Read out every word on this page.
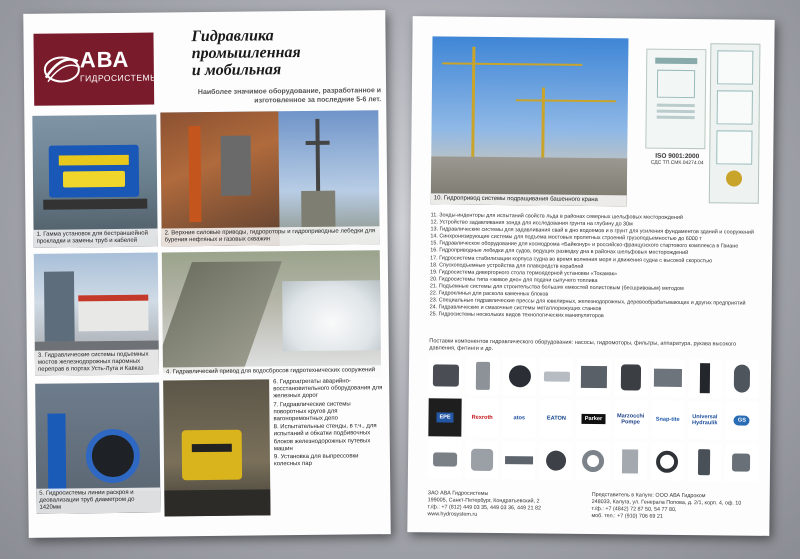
АВА
ГИДРОСИСТЕМЫ
Гидравлика
промышленная
и мобильная
Наиболее значимое оборудование, разработанное и изготовленное за последние 5-6 лет.
1. Гамма установок для бестраншейной прокладки и замены труб и кабелей
2. Верхние силовые приводы, гидророторы и гидроприводные лебедки для бурения нефтяных и газовых скважин
3. Гидравлические системы подъемных мостов железнодорожных паромных переправ в портах Усть-Луга и Кавказ	4. Гидравлический привод для водосбросов гидротехнических сооружений
5. Гидросистемы линии раскроя и деовализации труб диаметром до 1420мм
6. Гидроагрегаты аварийно-восстановительного оборудования для железных дорог
7. Гидравлические системы поворотных кругов для вагоноремонтных депо
8. Испытательные стенды, в т.ч., для испытаний и обкатки подбивочных блоков железнодорожных путевых машин
9. Установка для выпрессовки колесных пар
10. Гидропривод системы подращивания башенного крана
ISO 9001:2000
СДС ТП.СМК.04274.04
11. Зонды-инденторы для испытаний свойств льда в районах северных шельфовых месторождений
12. Устройство задавливания зонда для исследования грунта на глубину до 30м
13. Гидравлические системы для задавливания свай в дно водоемов и в грунт для усиления фундаментов зданий и сооружений
14. Синхронизирующие системы для подъема мостовых пролетных строений грузоподъемностью до 6000 т
15. Гидравлическое оборудование для космодрома «Байконур» и российско-французского стартового комплекса в Гвиане
16. Гидроприводные лебедки для судов, ведущих разведку дна в районах шельфовых месторождений
17. Гидросистема стабилизации корпуса судна во время волнения моря и движения судна с высокой скоростью
18. Спускоподъемные устройства для плавсредств кораблей
19. Гидросистема дивергорного стола термоядерной установки «Токамак»
20. Гидросистемы типа «живое дно» для подачи сыпучего топлива
21. Подъемные системы для строительства больших емкостей полистовым (бесшривовым) методом
22. Гидроклинья для раскола каменных блоков
23. Специальные гидравлические прессы для ювелирных, железнодорожных, деревообрабатывающих и других предприятий
24. Гидравлические и смазочные системы металлорежущих станков
25. Гидросистемы нескольких видов технологических манипуляторов
Поставки компонентов гидравлического оборудования: насосы, гидромоторы, фильтры, аппаратура, рукава высокого давления, фитинги и др.
EPE	Rexroth	atos	EATON	Parker	Marzocchi Pompe	Snap-tite	Universal Hydraulik	GS
ЗАО АВА Гидросистемы
199005, Санкт-Петербург, Кондратьевский, 2
т./ф.: +7 (812) 449 03 35, 449 03 36, 449 21 82
www.hydrosystem.ru
Представитель в Калуге: ООО АВА Гидроком
248033, Калуга, ул. Генерала Попова, д. 2/1, корп. 4, оф. 10
т./ф.: +7 (4842) 72 87 50, 54 77 80,
моб. тел.: +7 (910) 706 69 21
